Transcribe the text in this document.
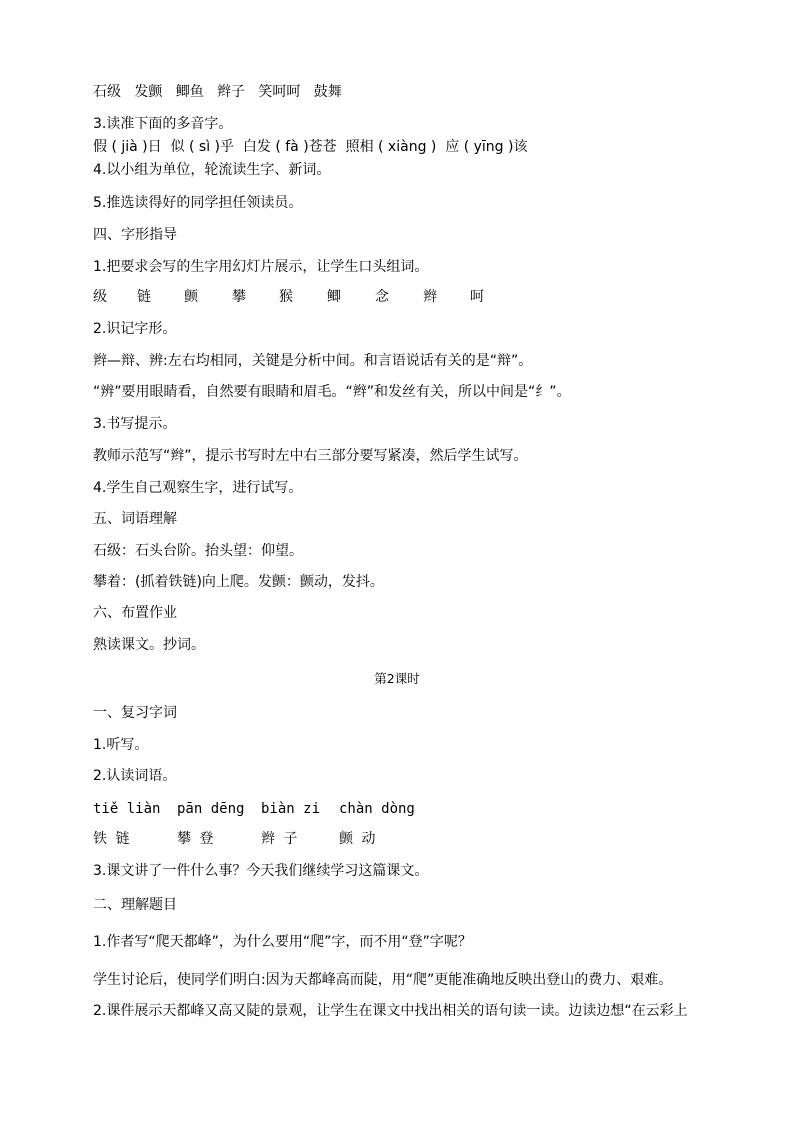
石级   发颤   鲫鱼   辫子   笑呵呵   鼓舞

3.读准下面的多音字。

假 ( jià )日  似 ( sì )乎  白发 ( fà )苍苍  照相 ( xiàng )  应 ( yīng )该

4.以小组为单位，轮流读生字、新词。

5.推选读得好的同学担任领读员。

四、字形指导

1.把要求会写的生字用幻灯片展示，让学生口头组词。

级 链 颤 攀 猴 鲫 念 辫 呵

2.识记字形。

辫—辩、辨:左右均相同，关键是分析中间。和言语说话有关的是“辩”。

“辨”要用眼睛看，自然要有眼睛和眉毛。“辫”和发丝有关，所以中间是“纟”。

3.书写提示。

教师示范写“辫”，提示书写时左中右三部分要写紧凑，然后学生试写。

4.学生自己观察生字，进行试写。

五、词语理解

石级：石头台阶。抬头望：仰望。

攀着：(抓着铁链)向上爬。发颤：颤动，发抖。

六、布置作业

熟读课文。抄词。

第2课时

一、复习字词

1.听写。

2.认读词语。

tiě liàn pān dēng biàn zi chàn dòng
铁 链	攀 登	辫 子	颤 动

3.课文讲了一件什么事？今天我们继续学习这篇课文。

二、理解题目

1.作者写“爬天都峰”，为什么要用“爬”字，而不用“登”字呢？

学生讨论后，使同学们明白:因为天都峰高而陡，用“爬”更能准确地反映出登山的费力、艰难。

2.课件展示天都峰又高又陡的景观，让学生在课文中找出相关的语句读一读。边读边想“在云彩上
